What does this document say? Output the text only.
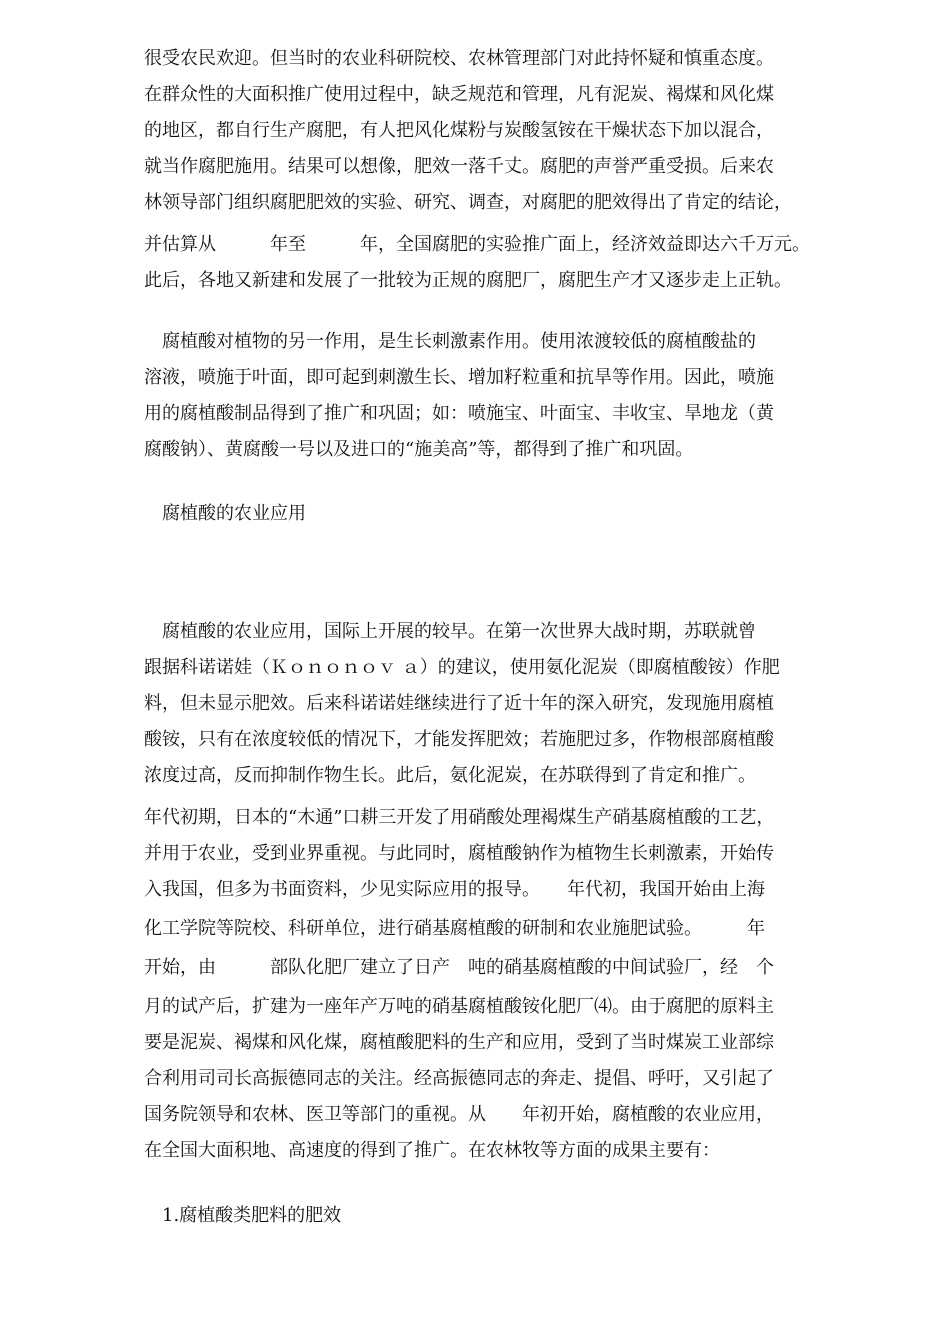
很受农民欢迎。但当时的农业科研院校、农林管理部门对此持怀疑和慎重态度。
在群众性的大面积推广使用过程中，缺乏规范和管理，凡有泥炭、褐煤和风化煤
的地区，都自行生产腐肥，有人把风化煤粉与炭酸氢铵在干燥状态下加以混合，
就当作腐肥施用。结果可以想像，肥效一落千丈。腐肥的声誉严重受损。后来农
林领导部门组织腐肥肥效的实验、研究、调查，对腐肥的肥效得出了肯定的结论，
并估算从　　　年至　　　年，全国腐肥的实验推广面上，经济效益即达六千万元。
此后，各地又新建和发展了一批较为正规的腐肥厂，腐肥生产才又逐步走上正轨。
　腐植酸对植物的另一作用，是生长刺激素作用。使用浓渡较低的腐植酸盐的
溶液，喷施于叶面，即可起到刺激生长、增加籽粒重和抗旱等作用。因此，喷施
用的腐植酸制品得到了推广和巩固；如：喷施宝、叶面宝、丰收宝、旱地龙（黄
腐酸钠）、黄腐酸一号以及进口的“施美高”等，都得到了推广和巩固。
　腐植酸的农业应用
　腐植酸的农业应用，国际上开展的较早。在第一次世界大战时期，苏联就曾
跟据科诺诺娃（Ｋｏｎｏｎｏｖ ａ）的建议，使用氨化泥炭（即腐植酸铵）作肥
料，但未显示肥效。后来科诺诺娃继续进行了近十年的深入研究，发现施用腐植
酸铵，只有在浓度较低的情况下，才能发挥肥效；若施肥过多，作物根部腐植酸
浓度过高，反而抑制作物生长。此后，氨化泥炭，在苏联得到了肯定和推广。
年代初期，日本的“木通”口耕三开发了用硝酸处理褐煤生产硝基腐植酸的工艺，
并用于农业，受到业界重视。与此同时，腐植酸钠作为植物生长刺激素，开始传
入我国，但多为书面资料，少见实际应用的报导。　　年代初，我国开始由上海
化工学院等院校、科研单位，进行硝基腐植酸的研制和农业施肥试验。　　　年
开始，由　　　部队化肥厂建立了日产　吨的硝基腐植酸的中间试验厂，经　个
月的试产后，扩建为一座年产万吨的硝基腐植酸铵化肥厂⑷。由于腐肥的原料主
要是泥炭、褐煤和风化煤，腐植酸肥料的生产和应用，受到了当时煤炭工业部综
合利用司司长高振德同志的关注。经高振德同志的奔走、提倡、呼吁，又引起了
国务院领导和农林、医卫等部门的重视。从　　年初开始，腐植酸的农业应用，
在全国大面积地、高速度的得到了推广。在农林牧等方面的成果主要有：
　1.腐植酸类肥料的肥效
